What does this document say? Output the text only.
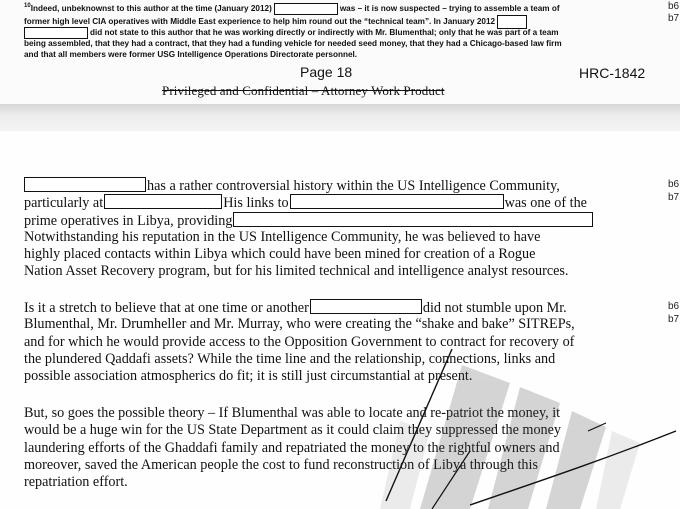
$^{10}$Indeed, unbeknownst to this author at the time (January 2012)	was – it is now suspected – trying to assemble a team of
former high level CIA operatives with Middle East experience to help him round out the “technical team”. In January 2012
did not state to this author that he was working directly or indirectly with Mr. Blumenthal; only that he was part of a team
being assembled, that they had a contract, that they had a funding vehicle for needed seed money, that they had a Chicago-based law firm
and that all members were former USG Intelligence Operations Directorate personnel.
Page 18	HRC-1842
Privileged and Confidential – Attorney Work Product
b6
b7
has a rather controversial history within the US Intelligence Community,
particularly at	His links to	was one of the
prime operatives in Libya, providing
Notwithstanding his reputation in the US Intelligence Community, he was believed to have
highly placed contacts within Libya which could have been mined for creation of a Rogue
Nation Asset Recovery program, but for his limited technical and intelligence analyst resources.
Is it a stretch to believe that at one time or another	did not stumble upon Mr.
Blumenthal, Mr. Drumheller and Mr. Murray, who were creating the “shake and bake” SITREPs,
and for which he would provide access to the Opposition Government to contract for recovery of
the plundered Qaddafi assets? While the time line and the relationship, connections, links and
possible association atmospherics do fit; it is still just circumstantial at present.
But, so goes the possible theory – If Blumenthal was able to locate and re-patriot the money, it
would be a huge win for the US State Department as it could claim they suppressed the money
laundering efforts of the Ghaddafi family and repatriated the money to the rightful owners and
moreover, saved the American people the cost to fund reconstruction of Libya through this
repatriation effort.
b6
b7
b6
b7
